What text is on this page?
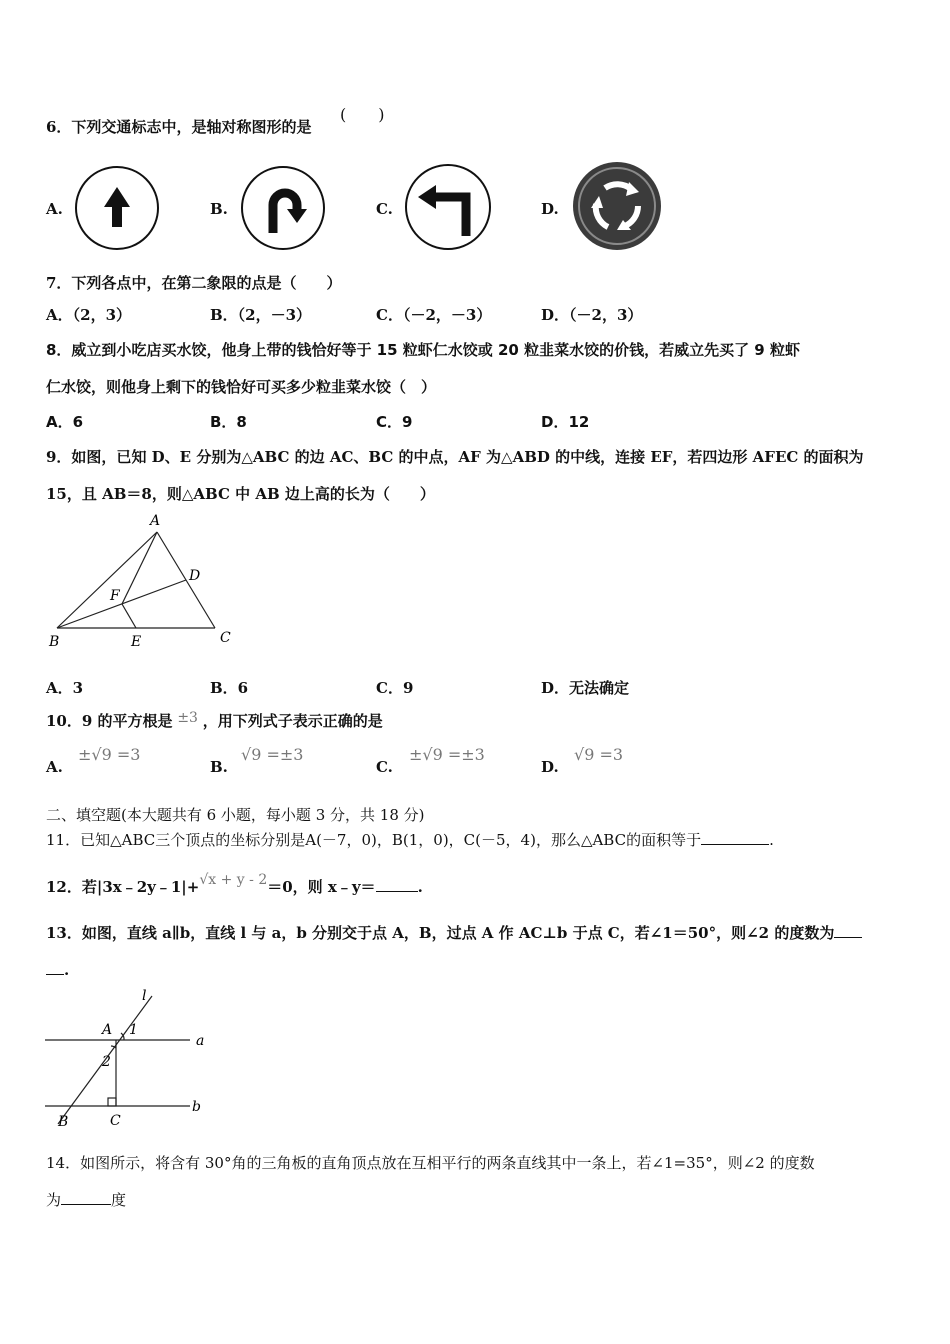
6．下列交通标志中，是轴对称图形的是
(　　)
A.	B.	C.	D.
7．下列各点中，在第二象限的点是（　　）
A．（2，3）	B．（2，－3）	C．（－2，－3）	D．（－2，3）
8．威立到小吃店买水饺，他身上带的钱恰好等于 15 粒虾仁水饺或 20 粒韭菜水饺的价钱，若威立先买了 9 粒虾
仁水饺，则他身上剩下的钱恰好可买多少粒韭菜水饺（　）
A．6	B．8	C．9	D．12
9．如图，已知 D、E 分别为△ABC 的边 AC、BC 的中点，AF 为△ABD 的中线，连接 EF，若四边形 AFEC 的面积为
15，且 AB＝8，则△ABC 中 AB 边上高的长为（　　）
A
B	C
D
E
F
A．3	B．6	C．9	D．无法确定
10．9 的平方根是 ±3 ，用下列式子表示正确的是
A.
±√9 =3
B.
√9 =±3
C.
±√9 =±3
D.
√9 =3
二、填空题(本大题共有 6 小题，每小题 3 分，共 18 分)
11．已知△ABC三个顶点的坐标分别是A(－7，0)，B(1，0)，C(－5，4)，那么△ABC的面积等于	.
12．若|3x﹣2y﹣1|+√x + y - 2＝0，则 x﹣y＝	.
13．如图，直线 a∥b，直线 l 与 a，b 分别交于点 A，B，过点 A 作 AC⊥b 于点 C，若∠1＝50°，则∠2 的度数为
.
l
A 1
2
a
b
B	C
14．如图所示，将含有 30°角的三角板的直角顶点放在互相平行的两条直线其中一条上，若∠1=35°，则∠2 的度数
为	度
